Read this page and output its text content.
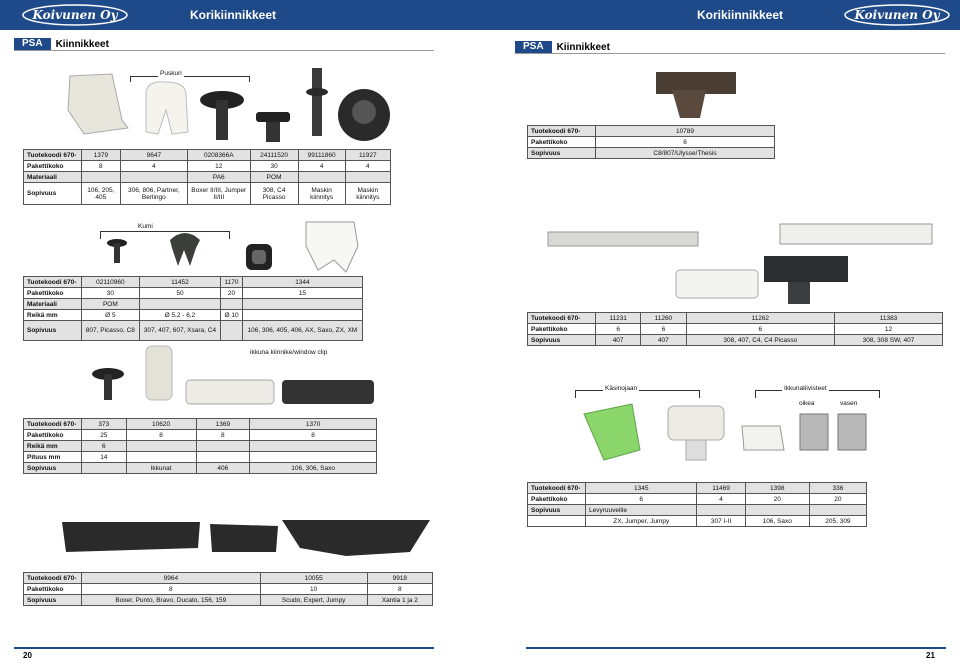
Koivunen Oy	Korikiinnikkeet	Korikiinnikkeet	Koivunen Oy
PSA	Kiinnikkeet	PSA	Kiinnikkeet
Puskuri
Kumi
ikkuna kiinnike/window clip
Käsinojaan	Ikkunatiivisteet
oikea	vasen
Tuotekoodi 670-	1379	9647	0208366A	24111520	99111860	11927
Pakettikoko	8	4	12	30	4	4
Materiaali			PA6	POM		
Sopivuus	106, 205, 405	306, 806, Partner, Berlingo	Boxer II/III, Jumper II/III	308, C4 Picasso	Maskin kiinnitys	Maskin kiinnitys
Tuotekoodi 670-	02110960	11452	1170	1344
Pakettikoko	30	50	20	15
Materiaali	POM			
Reikä mm	Ø 5	Ø 5,2 - 6,2	Ø 10	
Sopivuus	807, Picasso, C8	307, 407, 607, Xsara, C4		106, 306, 405, 406, AX, Saxo, ZX, XM
Tuotekoodi 670-	373	10620	1369	1370
Pakettikoko	25	8	8	8
Reikä mm	6			
Pituus mm	14			
Sopivuus		Ikkunat	406	106, 306, Saxo
Tuotekoodi 670-	9964	10055	9918
Pakettikoko	8	10	8
Sopivuus	Boxer, Punto, Bravo, Ducato, 156, 159	Scudo, Expert, Jumpy	Xantia 1 ja 2
Tuotekoodi 670-	10789
Pakettikoko	6
Sopivuus	C8/807/Ulysse/Thesis
Tuotekoodi 670-	11231	11260	11262	11383
Pakettikoko	6	6	6	12
Sopivuus	407	407	308, 407, C4, C4 Picasso	308, 308 SW, 407
Tuotekoodi 670-	1345	11469	1398	336
Pakettikoko	6	4	20	20
Sopivuus	Levyruuveille			
	ZX, Jumper, Jumpy	307 I-II	106, Saxo	205, 309
20	21
